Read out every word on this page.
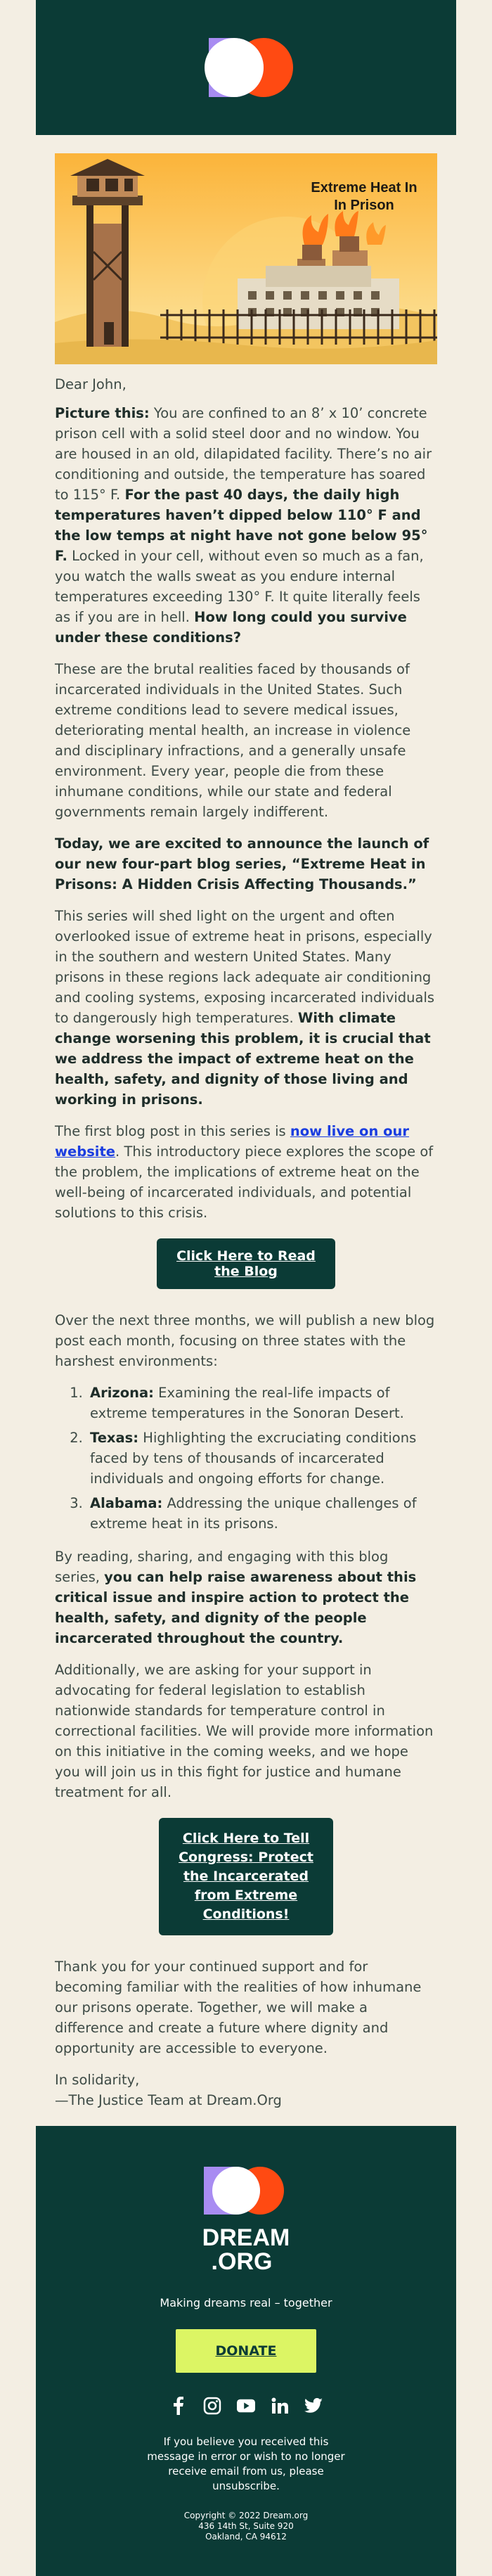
Extreme Heat In
In Prison

Dear John,

Picture this: You are confined to an 8’ x 10’ concrete prison cell with a solid steel door and no window. You are housed in an old, dilapidated facility. There’s no air conditioning and outside, the temperature has soared to 115° F. For the past 40 days, the daily high temperatures haven’t dipped below 110° F and the low temps at night have not gone below 95° F. Locked in your cell, without even so much as a fan, you watch the walls sweat as you endure internal temperatures exceeding 130° F. It quite literally feels as if you are in hell. How long could you survive under these conditions?

These are the brutal realities faced by thousands of incarcerated individuals in the United States. Such extreme conditions lead to severe medical issues, deteriorating mental health, an increase in violence and disciplinary infractions, and a generally unsafe environment. Every year, people die from these inhumane conditions, while our state and federal governments remain largely indifferent.

Today, we are excited to announce the launch of our new four-part blog series, “Extreme Heat in Prisons: A Hidden Crisis Affecting Thousands.”

This series will shed light on the urgent and often overlooked issue of extreme heat in prisons, especially in the southern and western United States. Many prisons in these regions lack adequate air conditioning and cooling systems, exposing incarcerated individuals to dangerously high temperatures. With climate change worsening this problem, it is crucial that we address the impact of extreme heat on the health, safety, and dignity of those living and working in prisons.

The first blog post in this series is now live on our website. This introductory piece explores the scope of the problem, the implications of extreme heat on the well-being of incarcerated individuals, and potential solutions to this crisis.

Click Here to Read the Blog

Over the next three months, we will publish a new blog post each month, focusing on three states with the harshest environments:

1. Arizona: Examining the real-life impacts of extreme temperatures in the Sonoran Desert.
2. Texas: Highlighting the excruciating conditions faced by tens of thousands of incarcerated individuals and ongoing efforts for change.
3. Alabama: Addressing the unique challenges of extreme heat in its prisons.

By reading, sharing, and engaging with this blog series, you can help raise awareness about this critical issue and inspire action to protect the health, safety, and dignity of the people incarcerated throughout the country.

Additionally, we are asking for your support in advocating for federal legislation to establish nationwide standards for temperature control in correctional facilities. We will provide more information on this initiative in the coming weeks, and we hope you will join us in this fight for justice and humane treatment for all.

Click Here to Tell Congress: Protect the Incarcerated from Extreme Conditions!

Thank you for your continued support and for becoming familiar with the realities of how inhumane our prisons operate. Together, we will make a difference and create a future where dignity and opportunity are accessible to everyone.

In solidarity,
—The Justice Team at Dream.Org

DREAM
.ORG
Making dreams real – together
DONATE
If you believe you received this message in error or wish to no longer receive email from us, please unsubscribe.
Copyright © 2022 Dream.org
436 14th St, Suite 920
Oakland, CA 94612
